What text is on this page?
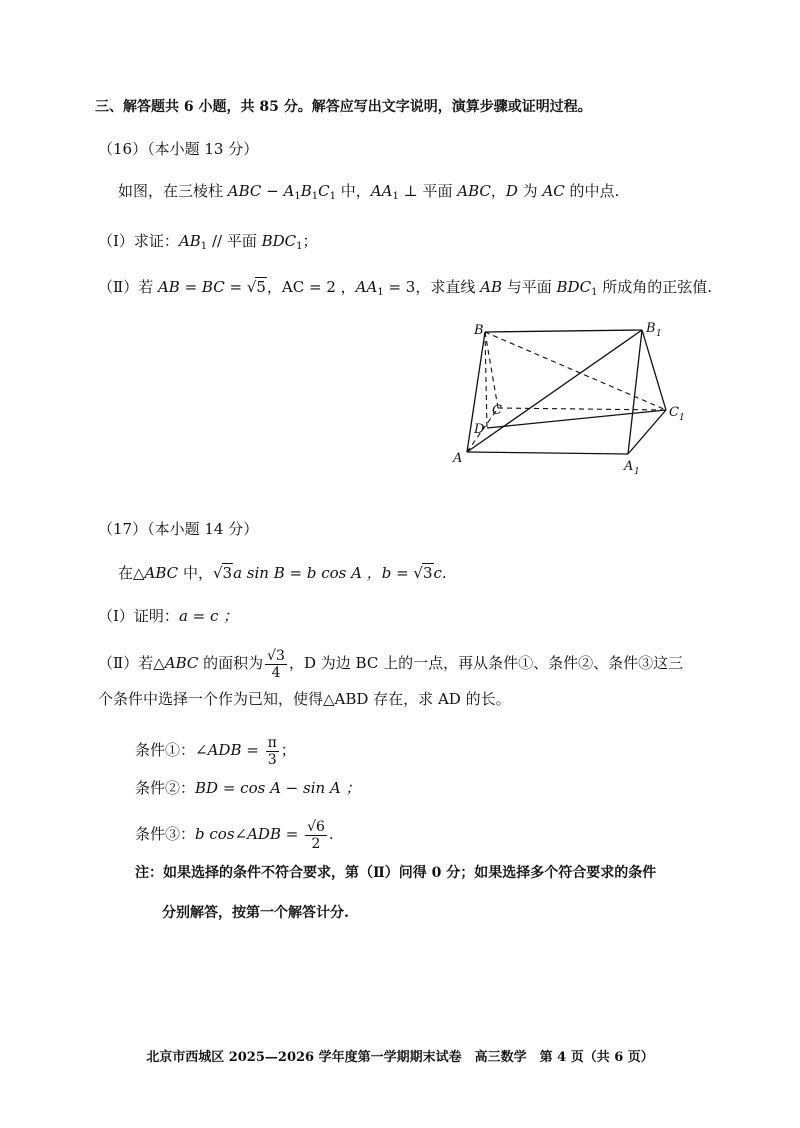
三、解答题共 6 小题，共 85 分。解答应写出文字说明，演算步骤或证明过程。
（16）（本小题 13 分）
如图，在三棱柱 ABC − $A_1B_1C_1$ 中，$AA_1$ ⊥ 平面 ABC，D 为 AC 的中点.
（Ⅰ）求证：$AB_1$ // 平面 $BDC_1$；
（Ⅱ）若 AB = BC = √5，AC = 2 ，$AA_1 = 3$，求直线 AB 与平面 $BDC_1$ 所成角的正弦值.
B	B 1
C	C 1
D
A
A 1
（17）（本小题 14 分）
在△ABC 中，√3a sin B = b cos A ，b = √3c.
（Ⅰ）证明：a = c ；
（Ⅱ）若△ABC 的面积为 $\frac{√3}{4}$ ，D 为边 BC 上的一点，再从条件①、条件②、条件③这三
个条件中选择一个作为已知，使得△ABD 存在，求 AD 的长。
条件①：∠ADB = $\frac{\pi}{3}$ ；
条件②：BD = cos A − sin A ；
条件③：b cos∠ADB = $\frac{√6}{2}$ .
注：如果选择的条件不符合要求，第（Ⅱ）问得 0 分；如果选择多个符合要求的条件
分别解答，按第一个解答计分.
北京市西城区 2025—2026 学年度第一学期期末试卷　高三数学　第 4 页（共 6 页）
